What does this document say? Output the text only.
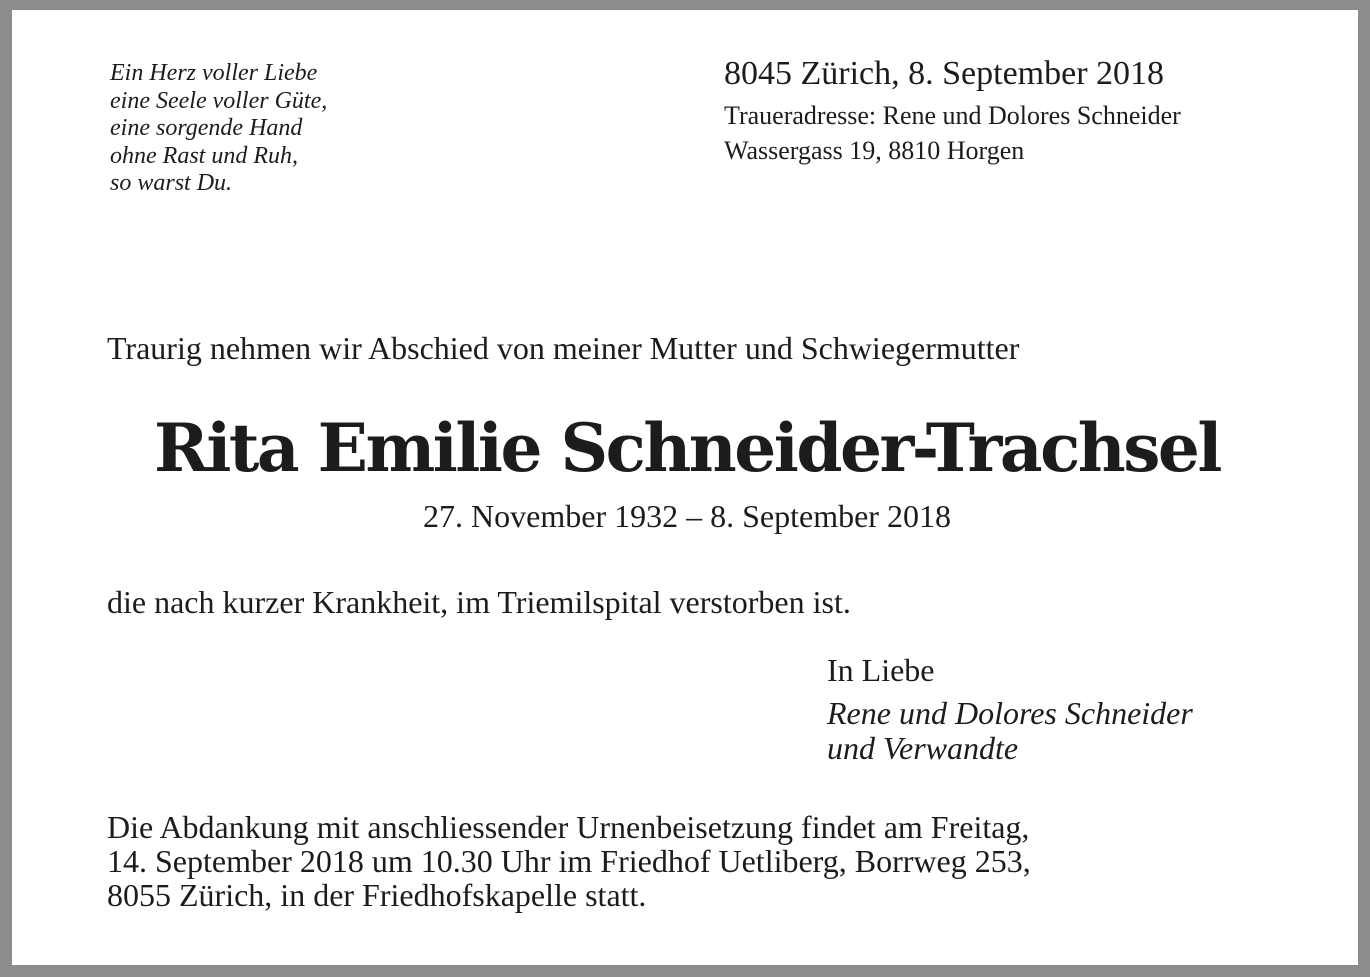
Ein Herz voller Liebe
eine Seele voller Güte,
eine sorgende Hand
ohne Rast und Ruh,
so warst Du.
8045 Zürich, 8. September 2018
Traueradresse: Rene und Dolores Schneider
Wassergass 19, 8810 Horgen
Traurig nehmen wir Abschied von meiner Mutter und Schwiegermutter
Rita Emilie Schneider-Trachsel
27. November 1932 – 8. September 2018
die nach kurzer Krankheit, im Triemilspital verstorben ist.
In Liebe
Rene und Dolores Schneider
und Verwandte
Die Abdankung mit anschliessender Urnenbeisetzung findet am Freitag,
14. September 2018 um 10.30 Uhr im Friedhof Uetliberg, Borrweg 253,
8055 Zürich, in der Friedhofskapelle statt.
